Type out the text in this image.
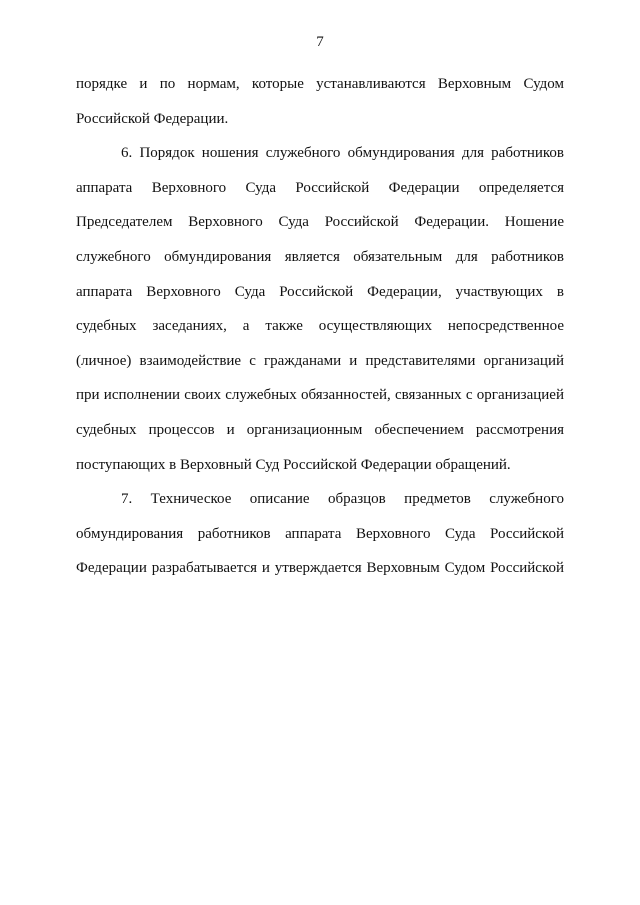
7
порядке и по нормам, которые устанавливаются Верховным Судом
Российской Федерации.
6. Порядок ношения служебного обмундирования для работников
аппарата Верховного Суда Российской Федерации определяется
Председателем Верховного Суда Российской Федерации. Ношение
служебного обмундирования является обязательным для работников
аппарата Верховного Суда Российской Федерации, участвующих в
судебных заседаниях, а также осуществляющих непосредственное
(личное) взаимодействие с гражданами и представителями организаций
при исполнении своих служебных обязанностей, связанных с организацией
судебных процессов и организационным обеспечением рассмотрения
поступающих в Верховный Суд Российской Федерации обращений.
7. Техническое описание образцов предметов служебного
обмундирования работников аппарата Верховного Суда Российской
Федерации разрабатывается и утверждается Верховным Судом Российской
